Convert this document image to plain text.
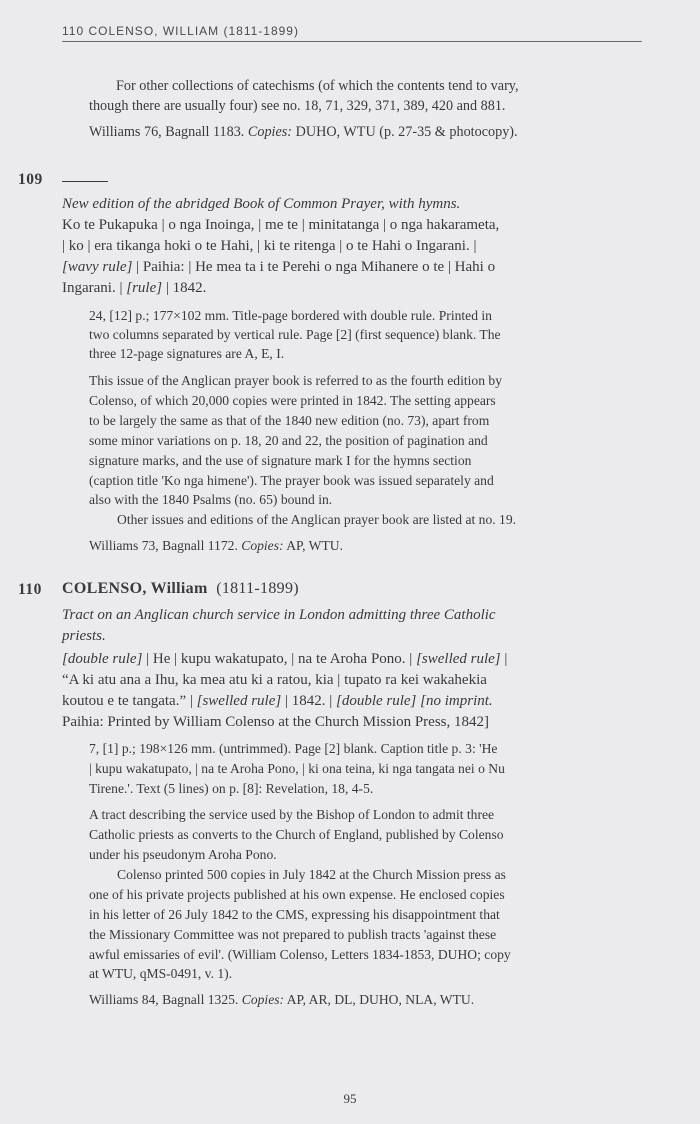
110 COLENSO, WILLIAM (1811-1899)

For other collections of catechisms (of which the contents tend to vary,

though there are usually four) see no. 18, 71, 329, 371, 389, 420 and 881.

Williams 76, Bagnall 1183. Copies: DUHO, WTU (p. 27-35 & photocopy).

109

New edition of the abridged Book of Common Prayer, with hymns.

Ko te Pukapuka | o nga Inoinga, | me te | minitatanga | o nga hakarameta,

| ko | era tikanga hoki o te Hahi, | ki te ritenga | o te Hahi o Ingarani. |

[wavy rule] | Paihia: | He mea ta i te Perehi o nga Mihanere o te | Hahi o

Ingarani. | [rule] | 1842.

24, [12] p.; 177×102 mm. Title-page bordered with double rule. Printed in

two columns separated by vertical rule. Page [2] (first sequence) blank. The

three 12-page signatures are A, E, I.

This issue of the Anglican prayer book is referred to as the fourth edition by

Colenso, of which 20,000 copies were printed in 1842. The setting appears

to be largely the same as that of the 1840 new edition (no. 73), apart from

some minor variations on p. 18, 20 and 22, the position of pagination and

signature marks, and the use of signature mark I for the hymns section

(caption title 'Ko nga himene'). The prayer book was issued separately and

also with the 1840 Psalms (no. 65) bound in.

Other issues and editions of the Anglican prayer book are listed at no. 19.

Williams 73, Bagnall 1172. Copies: AP, WTU.

110 COLENSO, William (1811-1899)

Tract on an Anglican church service in London admitting three Catholic

priests.

[double rule] | He | kupu wakatupato, | na te Aroha Pono. | [swelled rule] |

“A ki atu ana a Ihu, ka mea atu ki a ratou, kia | tupato ra kei wakahekia

koutou e te tangata.” | [swelled rule] | 1842. | [double rule] [no imprint.

Paihia: Printed by William Colenso at the Church Mission Press, 1842]

7, [1] p.; 198×126 mm. (untrimmed). Page [2] blank. Caption title p. 3: 'He

| kupu wakatupato, | na te Aroha Pono, | ki ona teina, ki nga tangata nei o Nu

Tirene.'. Text (5 lines) on p. [8]: Revelation, 18, 4-5.

A tract describing the service used by the Bishop of London to admit three

Catholic priests as converts to the Church of England, published by Colenso

under his pseudonym Aroha Pono.

Colenso printed 500 copies in July 1842 at the Church Mission press as

one of his private projects published at his own expense. He enclosed copies

in his letter of 26 July 1842 to the CMS, expressing his disappointment that

the Missionary Committee was not prepared to publish tracts 'against these

awful emissaries of evil'. (William Colenso, Letters 1834-1853, DUHO; copy

at WTU, qMS-0491, v. 1).

Williams 84, Bagnall 1325. Copies: AP, AR, DL, DUHO, NLA, WTU.

95
